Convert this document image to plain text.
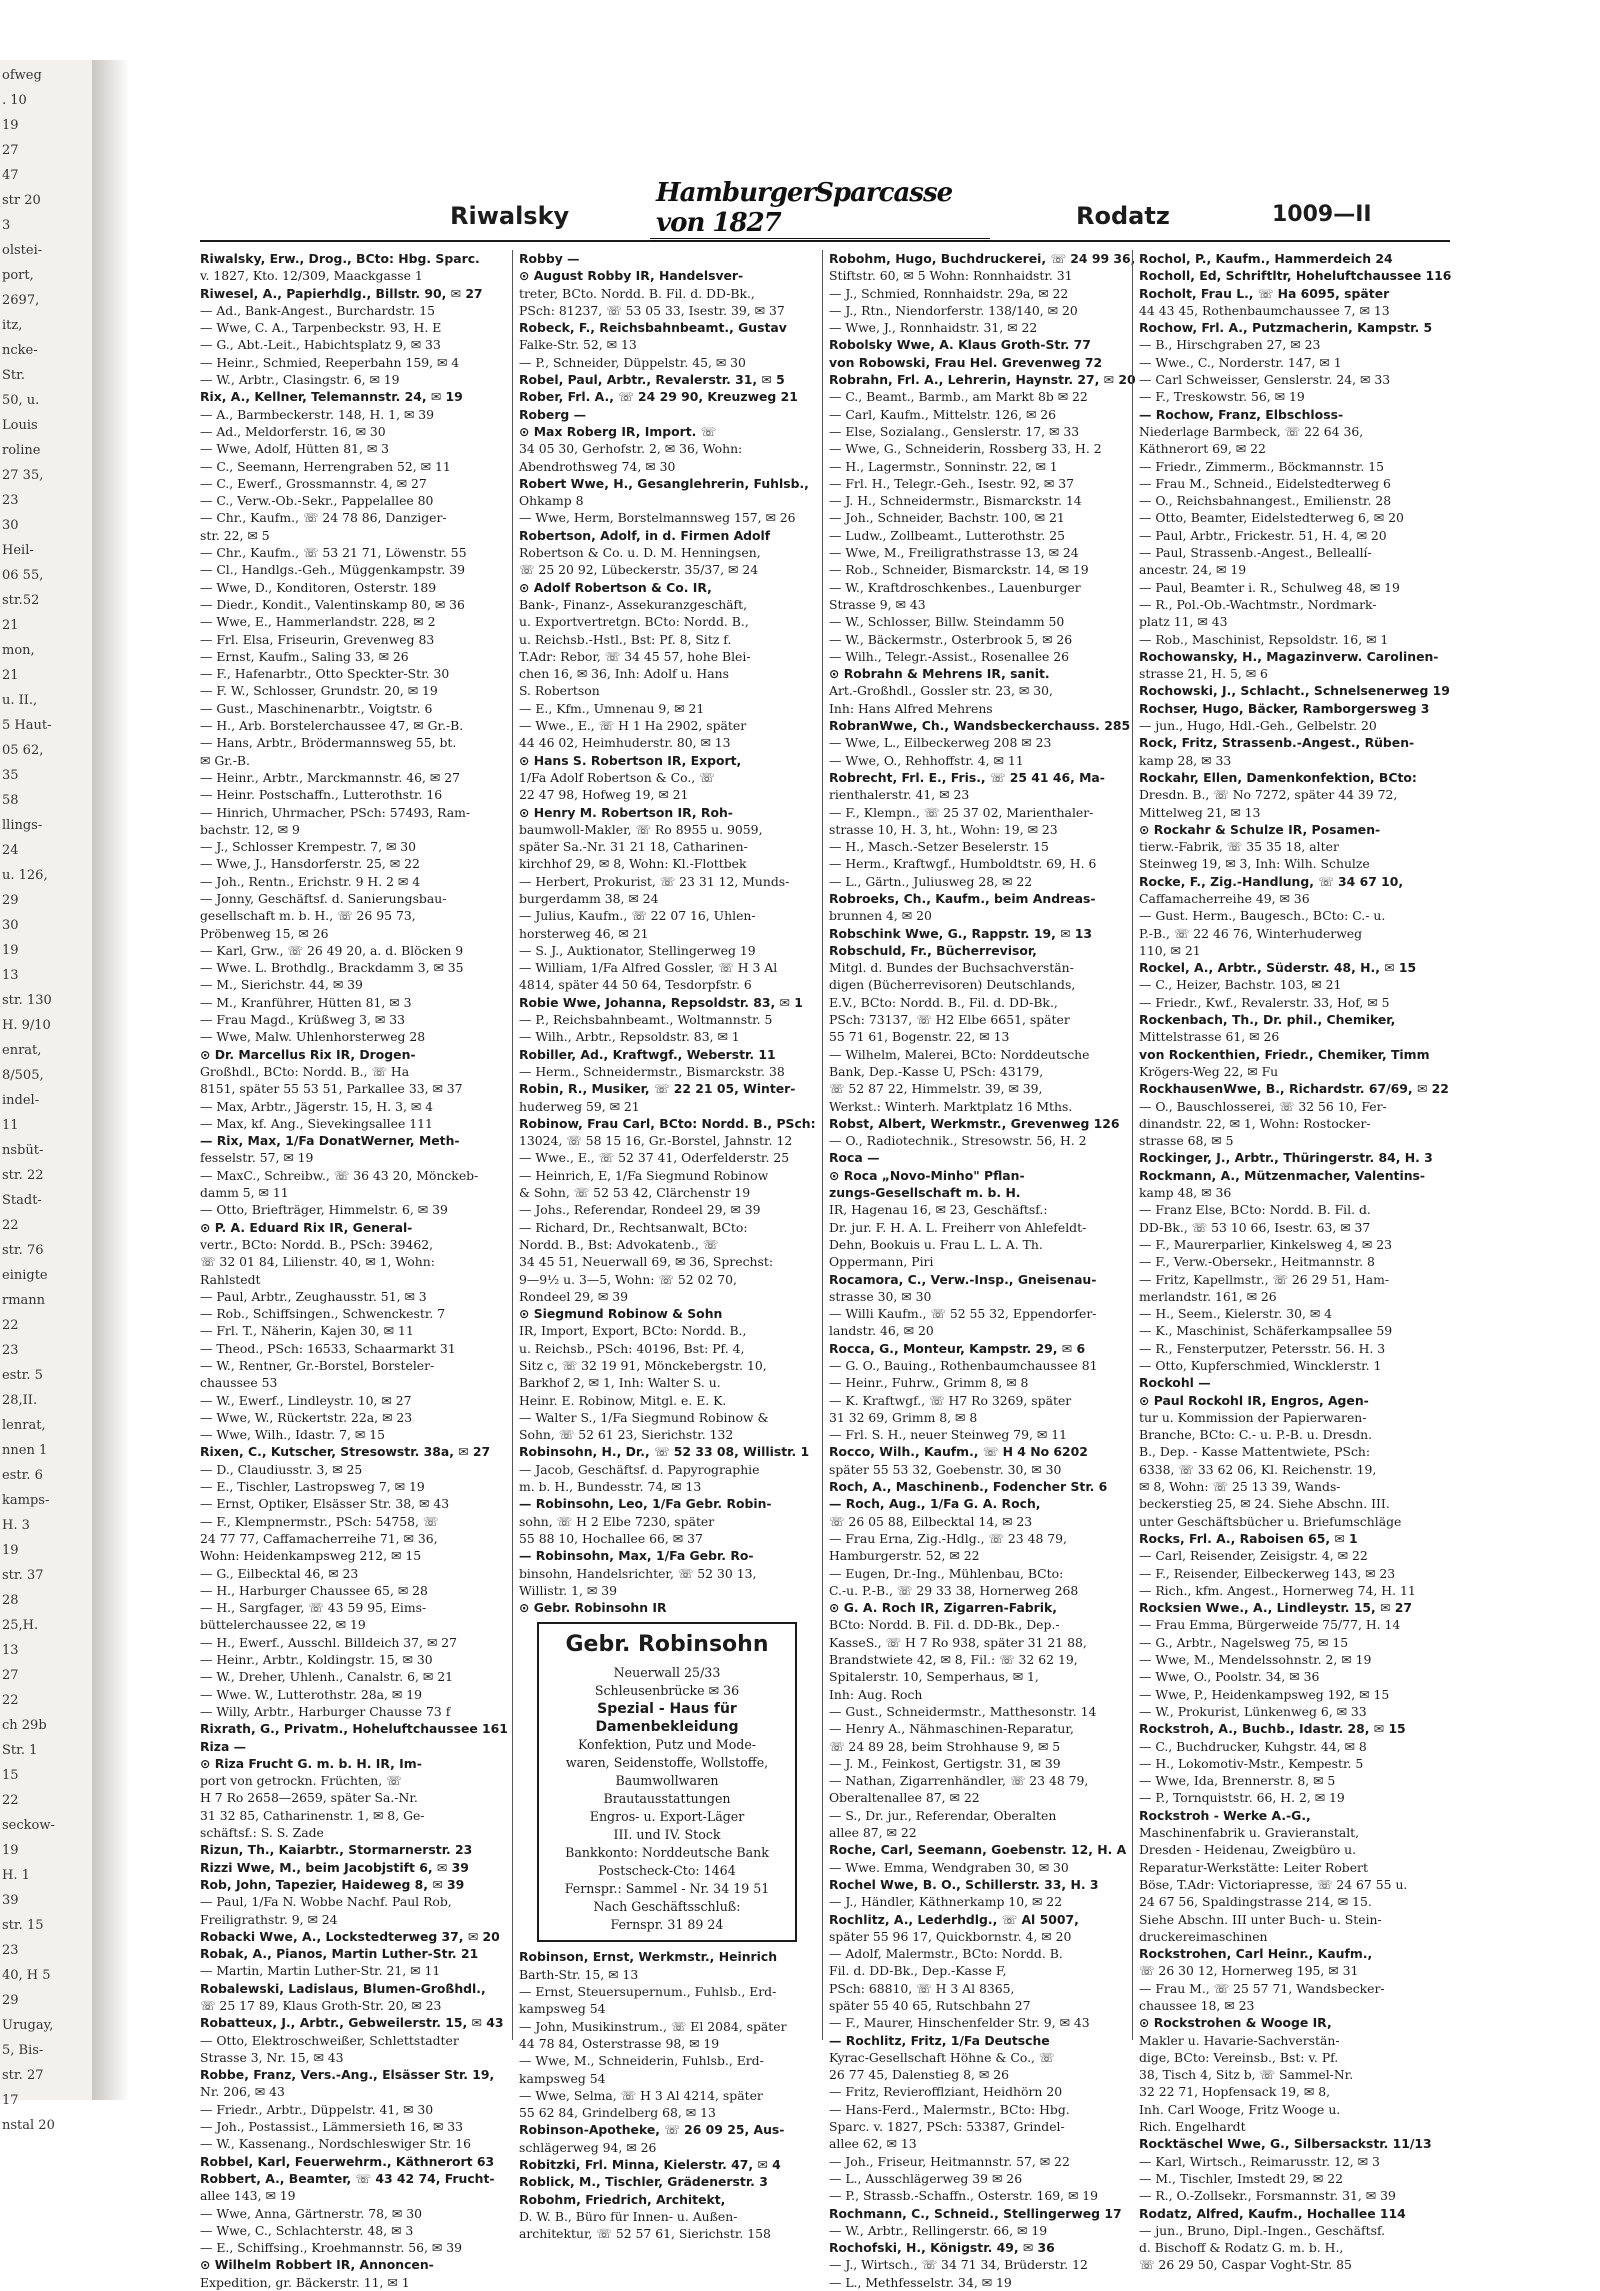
ofweg
. 10
19
27
47
str 20
3
olstei-
port,
2697,
itz,
ncke-
Str.
50, u.
Louis
roline
27 35,
23
30
Heil-
06 55,
str.52
21
mon,
21
u. II.,
5 Haut-
05 62,
35
58
llings-
24
u. 126,
29
30
19
13
str. 130
H. 9/10
enrat,
8/505,
indel-
11
nsbüt-
str. 22
Stadt-
22
str. 76
einigte
rmann
22
23
estr. 5
28,II.
lenrat,
nnen 1
estr. 6
kamps-
H. 3
19
str. 37
28
25,H.
13
27
22
ch 29b
Str. 1
15
22
seckow-
19
H. 1
39
str. 15
23
40, H 5
29
Urugay,
5, Bis-
str. 27
17
nstal 20
Riwalsky
HamburgerSparcasse von 1827	Rodatz	1009—II
Riwalsky, Erw., Drog., BCto: Hbg. Sparc.
v. 1827, Kto. 12/309, Maackgasse 1
Riwesel, A., Papierhdlg., Billstr. 90, ✉ 27
— Ad., Bank-Angest., Burchardstr. 15
— Wwe, C. A., Tarpenbeckstr. 93, H. E
— G., Abt.-Leit., Habichtsplatz 9, ✉ 33
— Heinr., Schmied, Reeperbahn 159, ✉ 4
— W., Arbtr., Clasingstr. 6, ✉ 19
Rix, A., Kellner, Telemannstr. 24, ✉ 19
— A., Barmbeckerstr. 148, H. 1, ✉ 39
— Ad., Meldorferstr. 16, ✉ 30
— Wwe, Adolf, Hütten 81, ✉ 3
— C., Seemann, Herrengraben 52, ✉ 11
— C., Ewerf., Grossmannstr. 4, ✉ 27
— C., Verw.-Ob.-Sekr., Pappelallee 80
— Chr., Kaufm., ☏ 24 78 86, Danziger-
str. 22, ✉ 5
— Chr., Kaufm., ☏ 53 21 71, Löwenstr. 55
— Cl., Handlgs.-Geh., Müggenkampstr. 39
— Wwe, D., Konditoren, Osterstr. 189
— Diedr., Kondit., Valentinskamp 80, ✉ 36
— Wwe, E., Hammerlandstr. 228, ✉ 2
— Frl. Elsa, Friseurin, Grevenweg 83
— Ernst, Kaufm., Saling 33, ✉ 26
— F., Hafenarbtr., Otto Speckter-Str. 30
— F. W., Schlosser, Grundstr. 20, ✉ 19
— Gust., Maschinenarbtr., Voigtstr. 6
— H., Arb. Borstelerchaussee 47, ✉ Gr.-B.
— Hans, Arbtr., Brödermannsweg 55, bt.
✉ Gr.-B.
— Heinr., Arbtr., Marckmannstr. 46, ✉ 27
— Heinr. Postschaffn., Lutterothstr. 16
— Hinrich, Uhrmacher, PSch: 57493, Ram-
bachstr. 12, ✉ 9
— J., Schlosser Krempestr. 7, ✉ 30
— Wwe, J., Hansdorferstr. 25, ✉ 22
— Joh., Rentn., Erichstr. 9 H. 2 ✉ 4
— Jonny, Geschäftsf. d. Sanierungsbau-
gesellschaft m. b. H., ☏ 26 95 73,
Pröbenweg 15, ✉ 26
— Karl, Grw., ☏ 26 49 20, a. d. Blöcken 9
— Wwe. L. Brothdlg., Brackdamm 3, ✉ 35
— M., Sierichstr. 44, ✉ 39
— M., Kranführer, Hütten 81, ✉ 3
— Frau Magd., Krüßweg 3, ✉ 33
— Wwe, Malw. Uhlenhorsterweg 28
⊙ Dr. Marcellus Rix IR, Drogen-
Großhdl., BCto: Nordd. B., ☏ Ha
8151, später 55 53 51, Parkallee 33, ✉ 37
— Max, Arbtr., Jägerstr. 15, H. 3, ✉ 4
— Max, kf. Ang., Sievekingsallee 111
— Rix, Max, 1/Fa DonatWerner, Meth-
fesselstr. 57, ✉ 19
— MaxC., Schreibw., ☏ 36 43 20, Mönckeb-
damm 5, ✉ 11
— Otto, Briefträger, Himmelstr. 6, ✉ 39
⊙ P. A. Eduard Rix IR, General-
vertr., BCto: Nordd. B., PSch: 39462,
☏ 32 01 84, Lilienstr. 40, ✉ 1, Wohn:
Rahlstedt
— Paul, Arbtr., Zeughausstr. 51, ✉ 3
— Rob., Schiffsingen., Schwenckestr. 7
— Frl. T., Näherin, Kajen 30, ✉ 11
— Theod., PSch: 16533, Schaarmarkt 31
— W., Rentner, Gr.-Borstel, Borsteler-
chaussee 53
— W., Ewerf., Lindleystr. 10, ✉ 27
— Wwe, W., Rückertstr. 22a, ✉ 23
— Wwe, Wilh., Idastr. 7, ✉ 15
Rixen, C., Kutscher, Stresowstr. 38a, ✉ 27
— D., Claudiusstr. 3, ✉ 25
— E., Tischler, Lastropsweg 7, ✉ 19
— Ernst, Optiker, Elsässer Str. 38, ✉ 43
— F., Klempnermstr., PSch: 54758, ☏
24 77 77, Caffamacherreihe 71, ✉ 36,
Wohn: Heidenkampsweg 212, ✉ 15
— G., Eilbecktal 46, ✉ 23
— H., Harburger Chaussee 65, ✉ 28
— H., Sargfager, ☏ 43 59 95, Eims-
büttelerchaussee 22, ✉ 19
— H., Ewerf., Ausschl. Billdeich 37, ✉ 27
— Heinr., Arbtr., Koldingstr. 15, ✉ 30
— W., Dreher, Uhlenh., Canalstr. 6, ✉ 21
— Wwe. W., Lutterothstr. 28a, ✉ 19
— Willy, Arbtr., Harburger Chausse 73 f
Rixrath, G., Privatm., Hoheluftchaussee 161
Riza —
⊙ Riza Frucht G. m. b. H. IR, Im-
port von getrockn. Früchten, ☏
H 7 Ro 2658—2659, später Sa.-Nr.
31 32 85, Catharinenstr. 1, ✉ 8, Ge-
schäftsf.: S. S. Zade
Rizun, Th., Kaiarbtr., Stormarnerstr. 23
Rizzi Wwe, M., beim Jacobjstift 6, ✉ 39
Rob, John, Tapezier, Haideweg 8, ✉ 39
— Paul, 1/Fa N. Wobbe Nachf. Paul Rob,
Freiligrathstr. 9, ✉ 24
Robacki Wwe, A., Lockstedterweg 37, ✉ 20
Robak, A., Pianos, Martin Luther-Str. 21
— Martin, Martin Luther-Str. 21, ✉ 11
Robalewski, Ladislaus, Blumen-Großhdl.,
☏ 25 17 89, Klaus Groth-Str. 20, ✉ 23
Robatteux, J., Arbtr., Gebweilerstr. 15, ✉ 43
— Otto, Elektroschweißer, Schlettstadter
Strasse 3, Nr. 15, ✉ 43
Robbe, Franz, Vers.-Ang., Elsässer Str. 19,
Nr. 206, ✉ 43
— Friedr., Arbtr., Düppelstr. 41, ✉ 30
— Joh., Postassist., Lämmersieth 16, ✉ 33
— W., Kassenang., Nordschleswiger Str. 16
Robbel, Karl, Feuerwehrm., Käthnerort 63
Robbert, A., Beamter, ☏ 43 42 74, Frucht-
allee 143, ✉ 19
— Wwe, Anna, Gärtnerstr. 78, ✉ 30
— Wwe, C., Schlachterstr. 48, ✉ 3
— E., Schiffsing., Kroehmannstr. 56, ✉ 39
⊙ Wilhelm Robbert IR, Annoncen-
Expedition, gr. Bäckerstr. 11, ✉ 1
Robby —
⊙ August Robby IR, Handelsver-
treter, BCto. Nordd. B. Fil. d. DD-Bk.,
PSch: 81237, ☏ 53 05 33, Isestr. 39, ✉ 37
Robeck, F., Reichsbahnbeamt., Gustav
Falke-Str. 52, ✉ 13
— P., Schneider, Düppelstr. 45, ✉ 30
Robel, Paul, Arbtr., Revalerstr. 31, ✉ 5
Rober, Frl. A., ☏ 24 29 90, Kreuzweg 21
Roberg —
⊙ Max Roberg IR, Import. ☏
34 05 30, Gerhofstr. 2, ✉ 36, Wohn:
Abendrothsweg 74, ✉ 30
Robert Wwe, H., Gesanglehrerin, Fuhlsb.,
Ohkamp 8
— Wwe, Herm, Borstelmannsweg 157, ✉ 26
Robertson, Adolf, in d. Firmen Adolf
Robertson & Co. u. D. M. Henningsen,
☏ 25 20 92, Lübeckerstr. 35/37, ✉ 24
⊙ Adolf Robertson & Co. IR,
Bank-, Finanz-, Assekuranzgeschäft,
u. Exportvertretgn. BCto: Nordd. B.,
u. Reichsb.-Hstl., Bst: Pf. 8, Sitz f.
T.Adr: Rebor, ☏ 34 45 57, hohe Blei-
chen 16, ✉ 36, Inh: Adolf u. Hans
S. Robertson
— E., Kfm., Umnenau 9, ✉ 21
— Wwe., E., ☏ H 1 Ha 2902, später
44 46 02, Heimhuderstr. 80, ✉ 13
⊙ Hans S. Robertson IR, Export,
1/Fa Adolf Robertson & Co., ☏
22 47 98, Hofweg 19, ✉ 21
⊙ Henry M. Robertson IR, Roh-
baumwoll-Makler, ☏ Ro 8955 u. 9059,
später Sa.-Nr. 31 21 18, Catharinen-
kirchhof 29, ✉ 8, Wohn: Kl.-Flottbek
— Herbert, Prokurist, ☏ 23 31 12, Munds-
burgerdamm 38, ✉ 24
— Julius, Kaufm., ☏ 22 07 16, Uhlen-
horsterweg 46, ✉ 21
— S. J., Auktionator, Stellingerweg 19
— William, 1/Fa Alfred Gossler, ☏ H 3 Al
4814, später 44 50 64, Tesdorpfstr. 6
Robie Wwe, Johanna, Repsoldstr. 83, ✉ 1
— P., Reichsbahnbeamt., Woltmannstr. 5
— Wilh., Arbtr., Repsoldstr. 83, ✉ 1
Robiller, Ad., Kraftwgf., Weberstr. 11
— Herm., Schneidermstr., Bismarckstr. 38
Robin, R., Musiker, ☏ 22 21 05, Winter-
huderweg 59, ✉ 21
Robinow, Frau Carl, BCto: Nordd. B., PSch:
13024, ☏ 58 15 16, Gr.-Borstel, Jahnstr. 12
— Wwe., E., ☏ 52 37 41, Oderfelderstr. 25
— Heinrich, E, 1/Fa Siegmund Robinow
& Sohn, ☏ 52 53 42, Clärchenstr 19
— Johs., Referendar, Rondeel 29, ✉ 39
— Richard, Dr., Rechtsanwalt, BCto:
Nordd. B., Bst: Advokatenb., ☏
34 45 51, Neuerwall 69, ✉ 36, Sprechst:
9—9½ u. 3—5, Wohn: ☏ 52 02 70,
Rondeel 29, ✉ 39
⊙ Siegmund Robinow & Sohn
IR, Import, Export, BCto: Nordd. B.,
u. Reichsb., PSch: 40196, Bst: Pf. 4,
Sitz c, ☏ 32 19 91, Mönckebergstr. 10,
Barkhof 2, ✉ 1, Inh: Walter S. u.
Heinr. E. Robinow, Mitgl. e. E. K.
— Walter S., 1/Fa Siegmund Robinow &
Sohn, ☏ 52 61 23, Sierichstr. 132
Robinsohn, H., Dr., ☏ 52 33 08, Willistr. 1
— Jacob, Geschäftsf. d. Papyrographie
m. b. H., Bundesstr. 74, ✉ 13
— Robinsohn, Leo, 1/Fa Gebr. Robin-
sohn, ☏ H 2 Elbe 7230, später
55 88 10, Hochallee 66, ✉ 37
— Robinsohn, Max, 1/Fa Gebr. Ro-
binsohn, Handelsrichter, ☏ 52 30 13,
Willistr. 1, ✉ 39
⊙ Gebr. Robinsohn IR
Gebr. Robinsohn
Neuerwall 25/33
Schleusenbrücke ✉ 36
Spezial - Haus für
Damenbekleidung
Konfektion, Putz und Mode-
waren, Seidenstoffe, Wollstoffe,
Baumwollwaren
Brautausstattungen
Engros- u. Export-Läger
III. und IV. Stock
Bankkonto: Norddeutsche Bank
Postscheck-Cto: 1464
Fernspr.: Sammel - Nr. 34 19 51
Nach Geschäftsschluß:
Fernspr. 31 89 24
Robinson, Ernst, Werkmstr., Heinrich
Barth-Str. 15, ✉ 13
— Ernst, Steuersupernum., Fuhlsb., Erd-
kampsweg 54
— John, Musikinstrum., ☏ El 2084, später
44 78 84, Osterstrasse 98, ✉ 19
— Wwe, M., Schneiderin, Fuhlsb., Erd-
kampsweg 54
— Wwe, Selma, ☏ H 3 Al 4214, später
55 62 84, Grindelberg 68, ✉ 13
Robinson-Apotheke, ☏ 26 09 25, Aus-
schlägerweg 94, ✉ 26
Robitzki, Frl. Minna, Kielerstr. 47, ✉ 4
Roblick, M., Tischler, Grädenerstr. 3
Robohm, Friedrich, Architekt,
D. W. B., Büro für Innen- u. Außen-
architektur, ☏ 52 57 61, Sierichstr. 158
Robohm, Hugo, Buchdruckerei, ☏ 24 99 36,
Stiftstr. 60, ✉ 5 Wohn: Ronnhaidstr. 31
— J., Schmied, Ronnhaidstr. 29a, ✉ 22
— J., Rtn., Niendorferstr. 138/140, ✉ 20
— Wwe, J., Ronnhaidstr. 31, ✉ 22
Robolsky Wwe, A. Klaus Groth-Str. 77
von Robowski, Frau Hel. Grevenweg 72
Robrahn, Frl. A., Lehrerin, Haynstr. 27, ✉ 20
— C., Beamt., Barmb., am Markt 8b ✉ 22
— Carl, Kaufm., Mittelstr. 126, ✉ 26
— Else, Sozialang., Genslerstr. 17, ✉ 33
— Wwe, G., Schneiderin, Rossberg 33, H. 2
— H., Lagermstr., Sonninstr. 22, ✉ 1
— Frl. H., Telegr.-Geh., Isestr. 92, ✉ 37
— J. H., Schneidermstr., Bismarckstr. 14
— Joh., Schneider, Bachstr. 100, ✉ 21
— Ludw., Zollbeamt., Lutterothstr. 25
— Wwe, M., Freiligrathstrasse 13, ✉ 24
— Rob., Schneider, Bismarckstr. 14, ✉ 19
— W., Kraftdroschkenbes., Lauenburger
Strasse 9, ✉ 43
— W., Schlosser, Billw. Steindamm 50
— W., Bäckermstr., Osterbrook 5, ✉ 26
— Wilh., Telegr.-Assist., Rosenallee 26
⊙ Robrahn & Mehrens IR, sanit.
Art.-Großhdl., Gossler str. 23, ✉ 30,
Inh: Hans Alfred Mehrens
RobranWwe, Ch., Wandsbeckerchauss. 285
— Wwe, L., Eilbeckerweg 208 ✉ 23
— Wwe, O., Rehhoffstr. 4, ✉ 11
Robrecht, Frl. E., Fris., ☏ 25 41 46, Ma-
rienthalerstr. 41, ✉ 23
— F., Klempn., ☏ 25 37 02, Marienthaler-
strasse 10, H. 3, ht., Wohn: 19, ✉ 23
— H., Masch.-Setzer Beselerstr. 15
— Herm., Kraftwgf., Humboldtstr. 69, H. 6
— L., Gärtn., Juliusweg 28, ✉ 22
Robroeks, Ch., Kaufm., beim Andreas-
brunnen 4, ✉ 20
Robschink Wwe, G., Rappstr. 19, ✉ 13
Robschuld, Fr., Bücherrevisor,
Mitgl. d. Bundes der Buchsachverstän-
digen (Bücherrevisoren) Deutschlands,
E.V., BCto: Nordd. B., Fil. d. DD-Bk.,
PSch: 73137, ☏ H2 Elbe 6651, später
55 71 61, Bogenstr. 22, ✉ 13
— Wilhelm, Malerei, BCto: Norddeutsche
Bank, Dep.-Kasse U, PSch: 43179,
☏ 52 87 22, Himmelstr. 39, ✉ 39,
Werkst.: Winterh. Marktplatz 16 Mths.
Robst, Albert, Werkmstr., Grevenweg 126
— O., Radiotechnik., Stresowstr. 56, H. 2
Roca —
⊙ Roca „Novo-Minho" Pflan-
zungs-Gesellschaft m. b. H.
IR, Hagenau 16, ✉ 23, Geschäftsf.:
Dr. jur. F. H. A. L. Freiherr von Ahlefeldt-
Dehn, Bookuis u. Frau L. L. A. Th.
Oppermann, Piri
Rocamora, C., Verw.-Insp., Gneisenau-
strasse 30, ✉ 30
— Willi Kaufm., ☏ 52 55 32, Eppendorfer-
landstr. 46, ✉ 20
Rocca, G., Monteur, Kampstr. 29, ✉ 6
— G. O., Bauing., Rothenbaumchaussee 81
— Heinr., Fuhrw., Grimm 8, ✉ 8
— K. Kraftwgf., ☏ H7 Ro 3269, später
31 32 69, Grimm 8, ✉ 8
— Frl. S. H., neuer Steinweg 79, ✉ 11
Rocco, Wilh., Kaufm., ☏ H 4 No 6202
später 55 53 32, Goebenstr. 30, ✉ 30
Roch, A., Maschinenb., Fodencher Str. 6
— Roch, Aug., 1/Fa G. A. Roch,
☏ 26 05 88, Eilbecktal 14, ✉ 23
— Frau Erna, Zig.-Hdlg., ☏ 23 48 79,
Hamburgerstr. 52, ✉ 22
— Eugen, Dr.-Ing., Mühlenbau, BCto:
C.-u. P.-B., ☏ 29 33 38, Hornerweg 268
⊙ G. A. Roch IR, Zigarren-Fabrik,
BCto: Nordd. B. Fil. d. DD-Bk., Dep.-
KasseS., ☏ H 7 Ro 938, später 31 21 88,
Brandstwiete 42, ✉ 8, Fil.: ☏ 32 62 19,
Spitalerstr. 10, Semperhaus, ✉ 1,
Inh: Aug. Roch
— Gust., Schneidermstr., Matthesonstr. 14
— Henry A., Nähmaschinen-Reparatur,
☏ 24 89 28, beim Strohhause 9, ✉ 5
— J. M., Feinkost, Gertigstr. 31, ✉ 39
— Nathan, Zigarrenhändler, ☏ 23 48 79,
Oberaltenallee 87, ✉ 22
— S., Dr. jur., Referendar, Oberalten
allee 87, ✉ 22
Roche, Carl, Seemann, Goebenstr. 12, H. A
— Wwe. Emma, Wendgraben 30, ✉ 30
Rochel Wwe, B. O., Schillerstr. 33, H. 3
— J., Händler, Käthnerkamp 10, ✉ 22
Rochlitz, A., Lederhdlg., ☏ Al 5007,
später 55 96 17, Quickbornstr. 4, ✉ 20
— Adolf, Malermstr., BCto: Nordd. B.
Fil. d. DD-Bk., Dep.-Kasse F,
PSch: 68810, ☏ H 3 Al 8365,
später 55 40 65, Rutschbahn 27
— F., Maurer, Hinschenfelder Str. 9, ✉ 43
— Rochlitz, Fritz, 1/Fa Deutsche
Kyrac-Gesellschaft Höhne & Co., ☏
26 77 45, Dalenstieg 8, ✉ 26
— Fritz, Revierofflziant, Heidhörn 20
— Hans-Ferd., Malermstr., BCto: Hbg.
Sparc. v. 1827, PSch: 53387, Grindel-
allee 62, ✉ 13
— Joh., Friseur, Heitmannstr. 57, ✉ 22
— L., Ausschlägerweg 39 ✉ 26
— P., Strassb.-Schaffn., Osterstr. 169, ✉ 19
Rochmann, C., Schneid., Stellingerweg 17
— W., Arbtr., Rellingerstr. 66, ✉ 19
Rochofski, H., Königstr. 49, ✉ 36
— J., Wirtsch., ☏ 34 71 34, Brüderstr. 12
— L., Methfesselstr. 34, ✉ 19
Rochol, P., Kaufm., Hammerdeich 24
Rocholl, Ed, Schriftltr, Hoheluftchaussee 116
Rocholt, Frau L., ☏ Ha 6095, später
44 43 45, Rothenbaumchaussee 7, ✉ 13
Rochow, Frl. A., Putzmacherin, Kampstr. 5
— B., Hirschgraben 27, ✉ 23
— Wwe., C., Norderstr. 147, ✉ 1
— Carl Schweisser, Genslerstr. 24, ✉ 33
— F., Treskowstr. 56, ✉ 19
— Rochow, Franz, Elbschloss-
Niederlage Barmbeck, ☏ 22 64 36,
Käthnerort 69, ✉ 22
— Friedr., Zimmerm., Böckmannstr. 15
— Frau M., Schneid., Eidelstedterweg 6
— O., Reichsbahnangest., Emilienstr. 28
— Otto, Beamter, Eidelstedterweg 6, ✉ 20
— Paul, Arbtr., Frickestr. 51, H. 4, ✉ 20
— Paul, Strassenb.-Angest., Belleallí-
ancestr. 24, ✉ 19
— Paul, Beamter i. R., Schulweg 48, ✉ 19
— R., Pol.-Ob.-Wachtmstr., Nordmark-
platz 11, ✉ 43
— Rob., Maschinist, Repsoldstr. 16, ✉ 1
Rochowansky, H., Magazinverw. Carolinen-
strasse 21, H. 5, ✉ 6
Rochowski, J., Schlacht., Schnelsenerweg 19
Rochser, Hugo, Bäcker, Ramborgersweg 3
— jun., Hugo, Hdl.-Geh., Gelbelstr. 20
Rock, Fritz, Strassenb.-Angest., Rüben-
kamp 28, ✉ 33
Rockahr, Ellen, Damenkonfektion, BCto:
Dresdn. B., ☏ No 7272, später 44 39 72,
Mittelweg 21, ✉ 13
⊙ Rockahr & Schulze IR, Posamen-
tierw.-Fabrik, ☏ 35 35 18, alter
Steinweg 19, ✉ 3, Inh: Wilh. Schulze
Rocke, F., Zig.-Handlung, ☏ 34 67 10,
Caffamacherreihe 49, ✉ 36
— Gust. Herm., Baugesch., BCto: C.- u.
P.-B., ☏ 22 46 76, Winterhuderweg
110, ✉ 21
Rockel, A., Arbtr., Süderstr. 48, H., ✉ 15
— C., Heizer, Bachstr. 103, ✉ 21
— Friedr., Kwf., Revalerstr. 33, Hof, ✉ 5
Rockenbach, Th., Dr. phil., Chemiker,
Mittelstrasse 61, ✉ 26
von Rockenthien, Friedr., Chemiker, Timm
Krögers-Weg 22, ✉ Fu
RockhausenWwe, B., Richardstr. 67/69, ✉ 22
— O., Bauschlosserei, ☏ 32 56 10, Fer-
dinandstr. 22, ✉ 1, Wohn: Rostocker-
strasse 68, ✉ 5
Rockinger, J., Arbtr., Thüringerstr. 84, H. 3
Rockmann, A., Mützenmacher, Valentins-
kamp 48, ✉ 36
— Franz Else, BCto: Nordd. B. Fil. d.
DD-Bk., ☏ 53 10 66, Isestr. 63, ✉ 37
— F., Maurerparlier, Kinkelsweg 4, ✉ 23
— F., Verw.-Obersekr., Heitmannstr. 8
— Fritz, Kapellmstr., ☏ 26 29 51, Ham-
merlandstr. 161, ✉ 26
— H., Seem., Kielerstr. 30, ✉ 4
— K., Maschinist, Schäferkampsallee 59
— R., Fensterputzer, Petersstr. 56. H. 3
— Otto, Kupferschmied, Wincklerstr. 1
Rockohl —
⊙ Paul Rockohl IR, Engros, Agen-
tur u. Kommission der Papierwaren-
Branche, BCto: C.- u. P.-B. u. Dresdn.
B., Dep. - Kasse Mattentwiete, PSch:
6338, ☏ 33 62 06, Kl. Reichenstr. 19,
✉ 8, Wohn: ☏ 25 13 39, Wands-
beckerstieg 25, ✉ 24. Siehe Abschn. III.
unter Geschäftsbücher u. Briefumschläge
Rocks, Frl. A., Raboisen 65, ✉ 1
— Carl, Reisender, Zeisigstr. 4, ✉ 22
— F., Reisender, Eilbeckerweg 143, ✉ 23
— Rich., kfm. Angest., Hornerweg 74, H. 11
Rocksien Wwe., A., Lindleystr. 15, ✉ 27
— Frau Emma, Bürgerweide 75/77, H. 14
— G., Arbtr., Nagelsweg 75, ✉ 15
— Wwe, M., Mendelssohnstr. 2, ✉ 19
— Wwe, O., Poolstr. 34, ✉ 36
— Wwe, P., Heidenkampsweg 192, ✉ 15
— W., Prokurist, Lünkenweg 6, ✉ 33
Rockstroh, A., Buchb., Idastr. 28, ✉ 15
— C., Buchdrucker, Kuhgstr. 44, ✉ 8
— H., Lokomotiv-Mstr., Kempestr. 5
— Wwe, Ida, Brennerstr. 8, ✉ 5
— P., Tornquiststr. 66, H. 2, ✉ 19
Rockstroh - Werke A.-G.,
Maschinenfabrik u. Gravieranstalt,
Dresden - Heidenau, Zweigbüro u.
Reparatur-Werkstätte: Leiter Robert
Böse, T.Adr: Victoriapresse, ☏ 24 67 55 u.
24 67 56, Spaldingstrasse 214, ✉ 15.
Siehe Abschn. III unter Buch- u. Stein-
druckereimaschinen
Rockstrohen, Carl Heinr., Kaufm.,
☏ 26 30 12, Hornerweg 195, ✉ 31
— Frau M., ☏ 25 57 71, Wandsbecker-
chaussee 18, ✉ 23
⊙ Rockstrohen & Wooge IR,
Makler u. Havarie-Sachverstän-
dige, BCto: Vereinsb., Bst: v. Pf.
38, Tisch 4, Sitz b, ☏ Sammel-Nr.
32 22 71, Hopfensack 19, ✉ 8,
Inh. Carl Wooge, Fritz Wooge u.
Rich. Engelhardt
Rocktäschel Wwe, G., Silbersackstr. 11/13
— Karl, Wirtsch., Reimarusstr. 12, ✉ 3
— M., Tischler, Imstedt 29, ✉ 22
— R., O.-Zollsekr., Forsmannstr. 31, ✉ 39
Rodatz, Alfred, Kaufm., Hochallee 114
— jun., Bruno, Dipl.-Ingen., Geschäftsf.
d. Bischoff & Rodatz G. m. b. H.,
☏ 26 29 50, Caspar Voght-Str. 85
